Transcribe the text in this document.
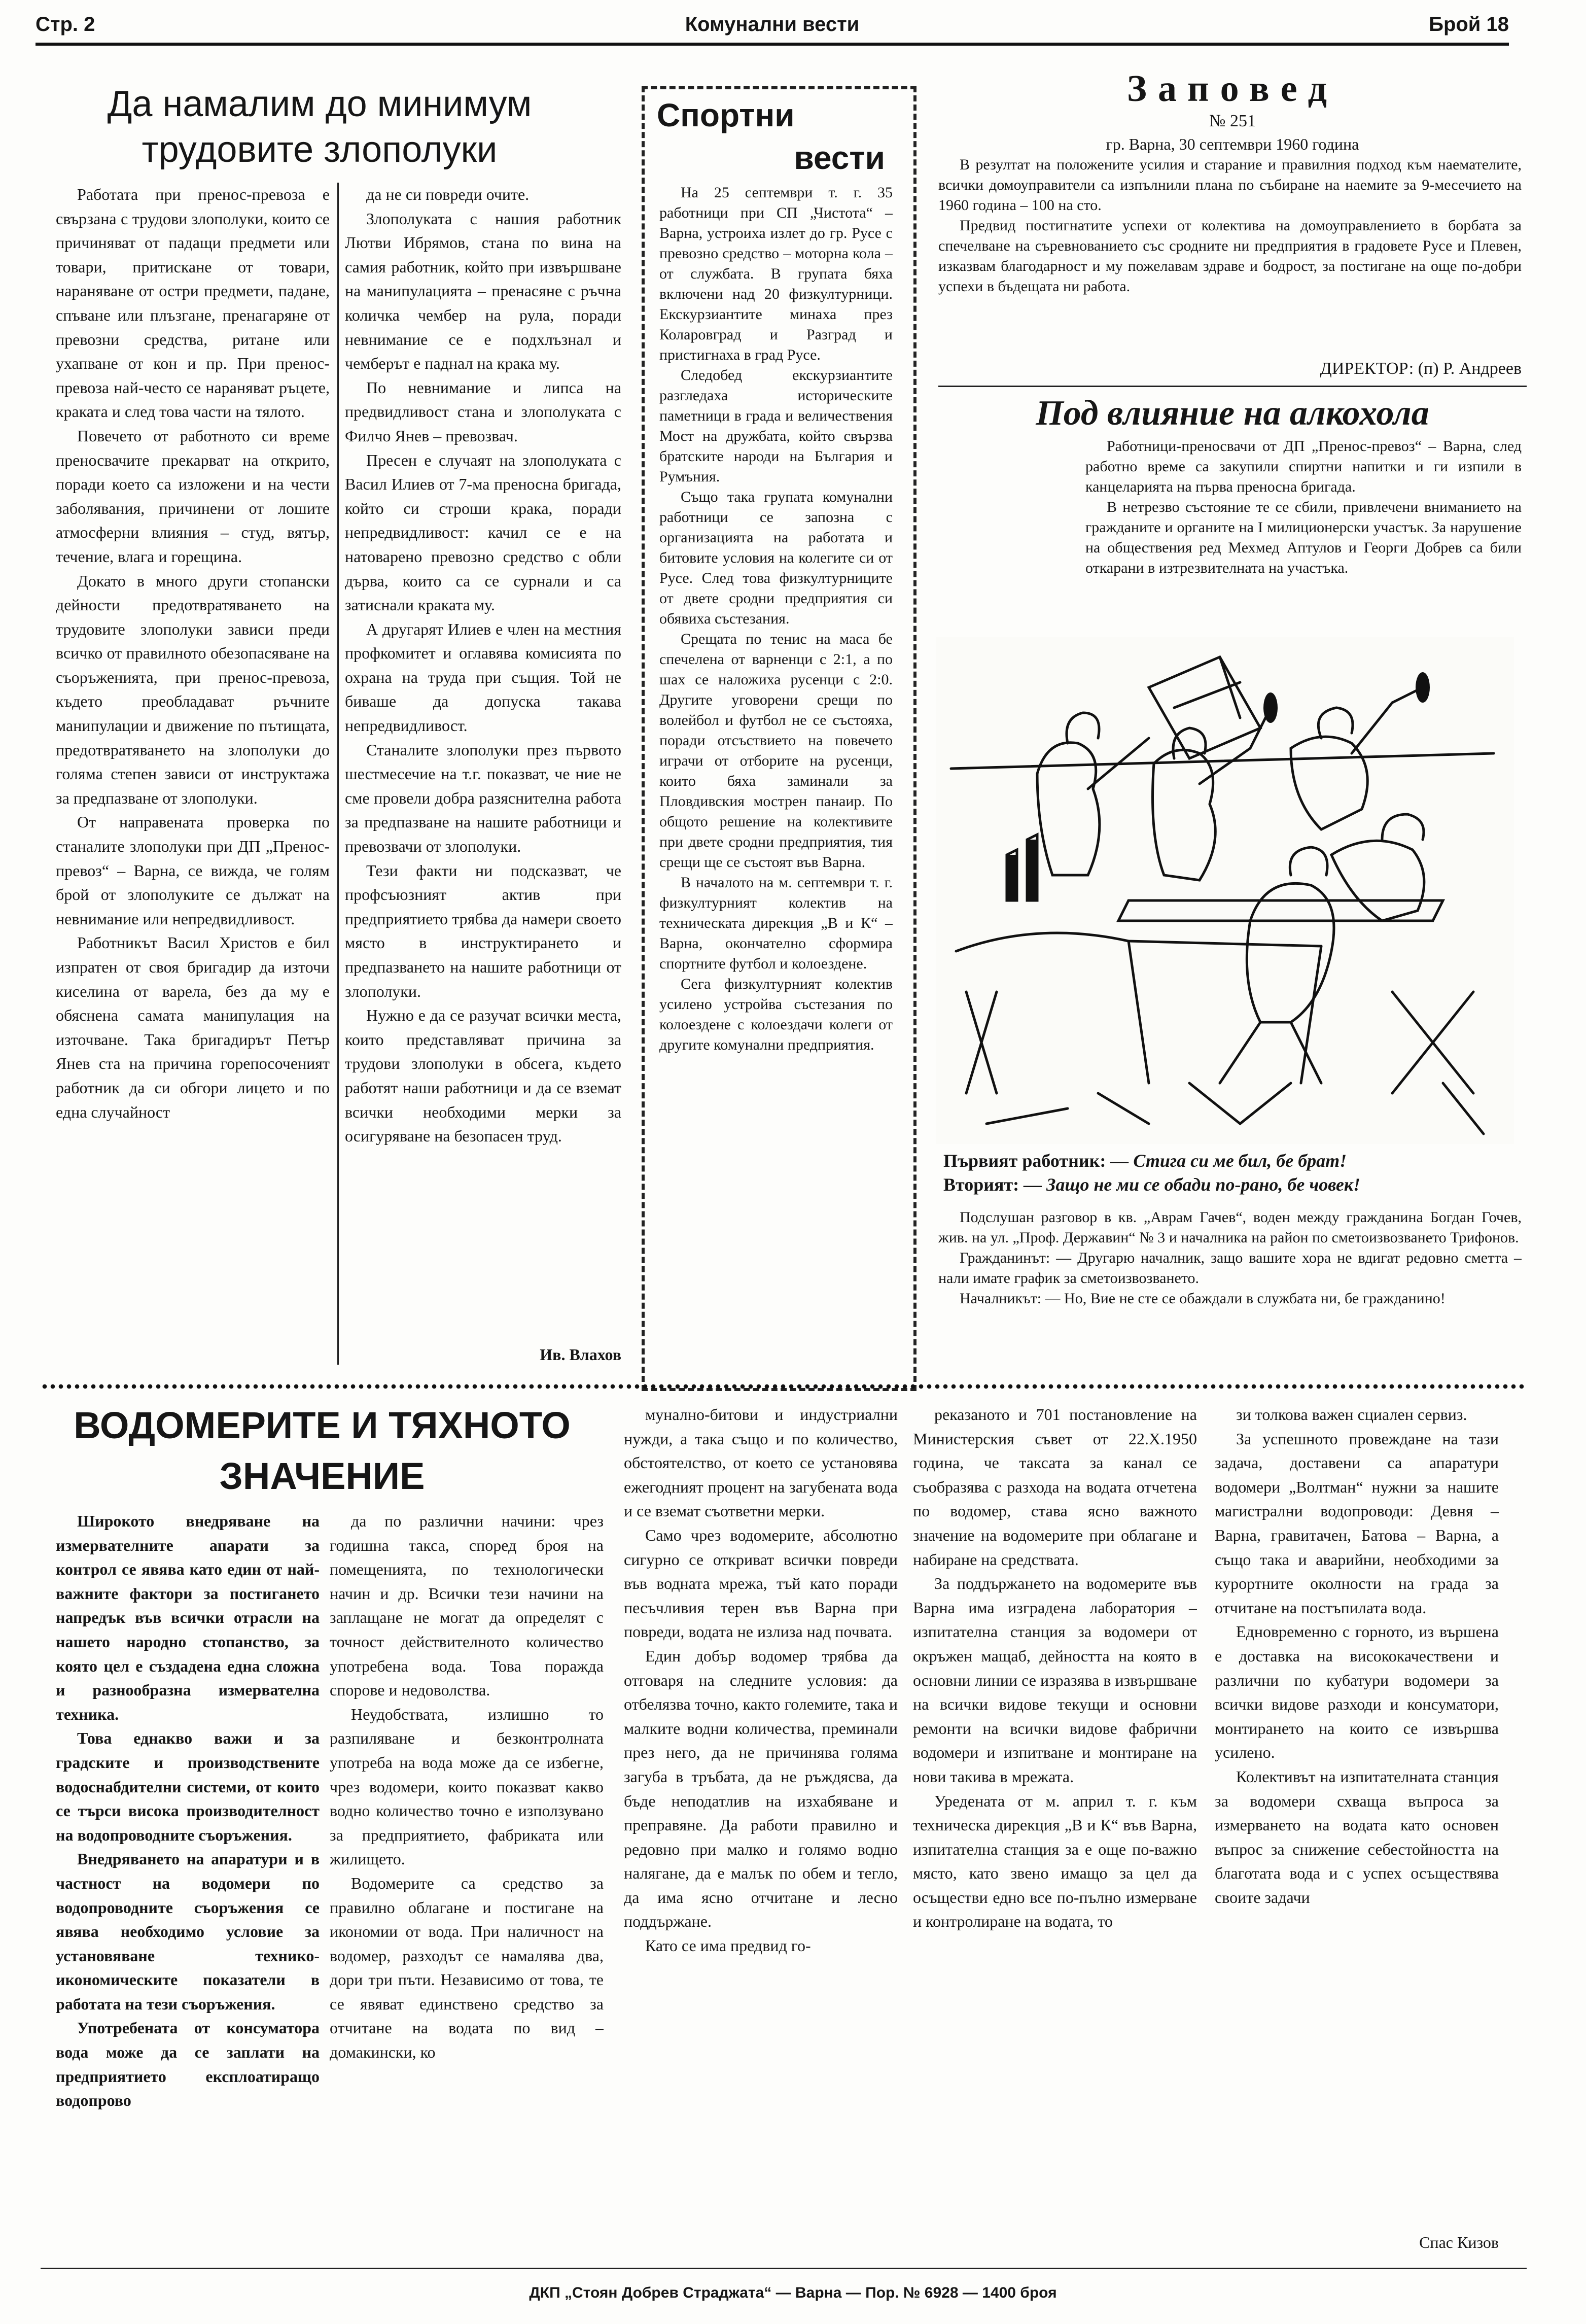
Комунални вести
Стр. 2	Брой 18
Да намалим до минимум
трудовите злополуки

Работата при пренос-превоза е свързана с трудови злополуки, които се причиняват от падащи предмети или товари, притискане от товари, нараняване от остри предмети, падане, спъване или плъзгане, пренагаряне от превозни средства, ритане или ухапване от кон и пр. При пренос-превоза най-често се нараняват ръцете, краката и след това части на тялото.

Повечето от работното си време преносвачите прекарват на открито, поради което са изложени и на чести заболявания, причинени от лошите атмосферни влияния – студ, вятър, течение, влага и горещина.

Докато в много други стопански дейности предотвратяването на трудовите злополуки зависи преди всичко от правилното обезопасяване на съоръженията, при пренос-превоза, където преобладават ръчните манипулации и движение по пътищата, предотвратяването на злополуки до голяма степен зависи от инструктажа за предпазване от злополуки.

От направената проверка по станалите злополуки при ДП „Пренос-превоз“ – Варна, се вижда, че голям брой от злополуките се дължат на невнимание или непредвидливост.

Работникът Васил Христов е бил изпратен от своя бригадир да източи киселина от варела, без да му е обяснена самата манипулация на източване. Така бригадирът Петър Янев ста на причина горепосоченият работник да си обгори лицето и по една случайност

да не си повреди очите.

Злополуката с нашия работник Лютви Ибрямов, стана по вина на самия работник, който при извършване на манипулацията – пренасяне с ръчна количка чембер на рула, поради невнимание се е подхлъзнал и чемберът е паднал на крака му.

По невнимание и липса на предвидливост стана и злополуката с Филчо Янев – превозвач.

Пресен е случаят на злополуката с Васил Илиев от 7-ма преносна бригада, който си строши крака, поради непредвидливост: качил се е на натоварено превозно средство с обли дърва, които са се сурнали и са затиснали краката му.

А другарят Илиев е член на местния профкомитет и оглавява комисията по охрана на труда при същия. Той не биваше да допуска такава непредвидливост.

Станалите злополуки през първото шестмесечие на т.г. показват, че ние не сме провели добра разяснителна работа за предпазване на нашите работници и превозвачи от злополуки.

Тези факти ни подсказват, че профсъюзният актив при предприятието трябва да намери своето място в инструктирането и предпазването на нашите работници от злополуки.

Нужно е да се разучат всички места, които представляват причина за трудови злополуки в обсега, където работят наши работници и да се вземат всички необходими мерки за осигуряване на безопасен труд.

Ив. Влахов
Спортни
вести

На 25 септември т. г. 35 работници при СП „Чистота“ – Варна, устроиха излет до гр. Русе с превозно средство – моторна кола – от службата. В групата бяха включени над 20 физкултурници. Екскурзиантите минаха през Коларовград и Разград и пристигнаха в град Русе.

Следобед екскурзиантите разгледаха историческите паметници в града и величествения Мост на дружбата, който свързва братските народи на България и Румъния.

Също така групата комунални работници се запозна с организацията на работата и битовите условия на колегите си от Русе. След това физкултурниците от двете сродни предприятия си обявиха състезания.

Срещата по тенис на маса бе спечелена от варненци с 2:1, а по шах се наложиха русенци с 2:0. Другите уговорени срещи по волейбол и футбол не се състояха, поради отсъствието на повечето играчи от отборите на русенци, които бяха заминали за Пловдивския мострен панаир. По общото решение на колективите при двете сродни предприятия, тия срещи ще се състоят във Варна.

В началото на м. септември т. г. физкултурният колектив на техническата дирекция „В и К“ – Варна, окончателно сформира спортните футбол и колоездене.

Сега физкултурният колектив усилено устройва състезания по колоездене с колоездачи колеги от другите комунални предприятия.

Заповед
№ 251
гр. Варна, 30 септември 1960 година

В резултат на положените усилия и старание и правилния подход към наемателите, всички домоуправители са изпълнили плана по събиране на наемите за 9-месечието на 1960 година – 100 на сто.

Предвид постигнатите успехи от колектива на домоуправлението в борбата за спечелване на съревнованието със сродните ни предприятия в градовете Русе и Плевен, изказвам благодарност и му пожелавам здраве и бодрост, за постигане на още по-добри успехи в бъдещата ни работа.

ДИРЕКТОР: (п) Р. Андреев
Под влияние на алкохола

Работници-преносвачи от ДП „Пренос-превоз“ – Варна, след работно време са закупили спиртни напитки и ги изпили в канцеларията на първа преносна бригада.

В нетрезво състояние те се сбили, привлечени вниманието на гражданите и органите на I милиционерски участък. За нарушение на обществения ред Мехмед Аптулов и Георги Добрев са били откарани в изтрезвителната на участъка.

Първият работник: — Стига си ме бил, бе брат!
Вторият: — Защо не ми се обади по-рано, бе човек!

Подслушан разговор в кв. „Аврам Гачев“, воден между гражданина Богдан Гочев, жив. на ул. „Проф. Державин“ № 3 и началника на район по сметоизвозването Трифонов.

Гражданинът: — Другарю началник, защо вашите хора не вдигат редовно сметта – нали имате график за сметоизвозването.

Началникът: — Но, Вие не сте се обаждали в службата ни, бе гражданино!

ВОДОМЕРИТЕ И ТЯХНОТО
ЗНАЧЕНИЕ

Широкото внедряване на измервателните апарати за контрол се явява като един от най-важните фактори за постигането напредък във всички отрасли на нашето народно стопанство, за която цел е създадена една сложна и разнообразна измервателна техника.

Това еднакво важи и за градските и производствените водоснабдителни системи, от които се търси висока производителност на водопроводните съоръжения.

Внедряването на апаратури и в частност на водомери по водопроводните съоръжения се явява необходимо условие за установяване технико-икономическите показатели в работата на тези съоръжения.

Употребената от консуматора вода може да се заплати на предприятието експлоатиращо водопрово

да по различни начини: чрез годишна такса, според броя на помещенията, по технологически начин и др. Всички тези начини на заплащане не могат да определят с точност действителното количество употребена вода. Това поражда спорове и недоволства.

Неудобствата, излишно то разпиляване и безконтролната употреба на вода може да се избегне, чрез водомери, които показват какво водно количество точно е използувано за предприятието, фабриката или жилището.

Водомерите са средство за правилно облагане и постигане на икономии от вода. При наличност на водомер, разходът се намалява два, дори три пъти. Независимо от това, те се явяват единствено средство за отчитане на водата по вид – домакински, ко

мунално-битови и индустриални нужди, а така също и по количество, обстоятелство, от което се установява ежегодният процент на загубената вода и се вземат съответни мерки.

Само чрез водомерите, абсолютно сигурно се откриват всички повреди във водната мрежа, тъй като поради песъчливия терен във Варна при повреди, водата не излиза над почвата.

Един добър водомер трябва да отговаря на следните условия: да отбелязва точно, както големите, така и малките водни количества, преминали през него, да не причинява голяма загуба в тръбата, да не ръждясва, да бъде неподатлив на изхабяване и преправяне. Да работи правилно и редовно при малко и голямо водно налягане, да е малък по обем и тегло, да има ясно отчитане и лесно поддържане.

Като се има предвид го-

реказаното и 701 постановление на Министерския съвет от 22.X.1950 година, че таксата за канал се съобразява с разхода на водата отчетена по водомер, става ясно важното значение на водомерите при облагане и набиране на средствата.

За поддържането на водомерите във Варна има изградена лаборатория – изпитателна станция за водомери от окръжен мащаб, дейността на която в основни линии се изразява в извършване на всички видове текущи и основни ремонти на всички видове фабрични водомери и изпитване и монтиране на нови такива в мрежата.

Уредената от м. април т. г. към техническа дирекция „В и К“ във Варна, изпитателна станция за е още по-важно място, като звено имащо за цел да осъществи едно все по-пълно измерване и контролиране на водата, то

зи толкова важен сциален сервиз.

За успешното провеждане на тази задача, доставени са апаратури водомери „Волтман“ нужни за нашите магистрални водопроводи: Девня – Варна, гравитачен, Батова – Варна, а също така и аварийни, необходими за курортните околности на града за отчитане на постъпилата вода.

Едновременно с горното, из вършена е доставка на висококачествени и различни по кубатури водомери за всички видове разходи и консуматори, монтирането на които се извършва усилено.

Колективът на изпитателната станция за водомери схваща въпроса за измерването на водата като основен въпрос за снижение себестойността на благотата вода и с успех осъществява своите задачи

Спас Кизов
ДКП „Стоян Добрев Страджата“ — Варна — Пор. № 6928 — 1400 броя
